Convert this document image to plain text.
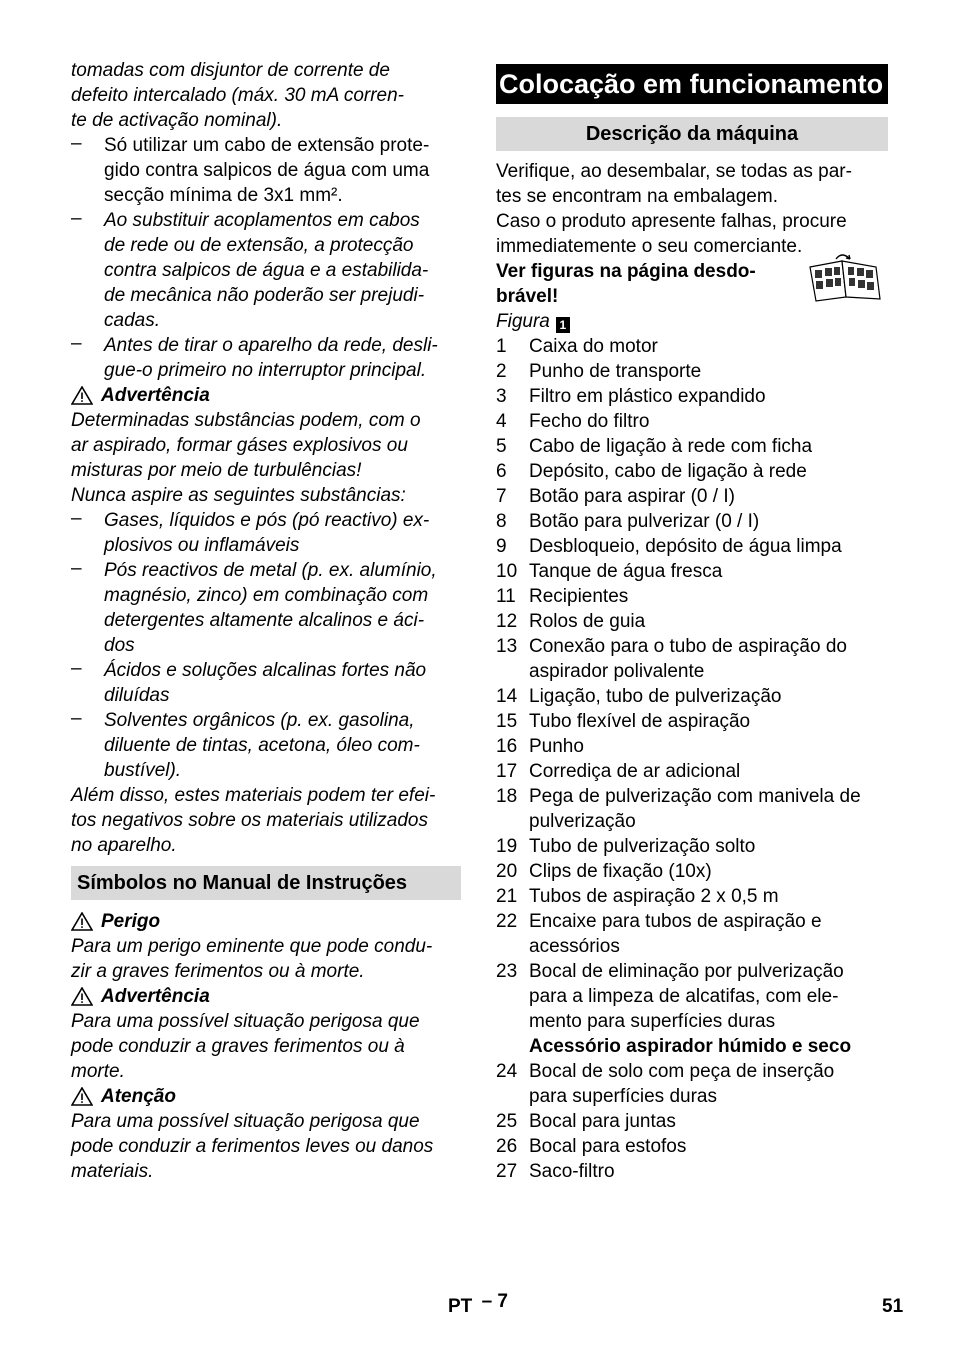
tomadas com disjuntor de corrente de
defeito intercalado (máx. 30 mA corren-
te de activação nominal).
– Só utilizar um cabo de extensão prote-
gido contra salpicos de água com uma
secção mínima de 3x1 mm².
– Ao substituir acoplamentos em cabos
de rede ou de extensão, a protecção
contra salpicos de água e a estabilida-
de mecânica não poderão ser prejudi-
cadas.
– Antes de tirar o aparelho da rede, desli-
gue-o primeiro no interruptor principal.
Advertência
Determinadas substâncias podem, com o
ar aspirado, formar gáses explosivos ou
misturas por meio de turbulências!
Nunca aspire as seguintes substâncias:
– Gases, líquidos e pós (pó reactivo) ex-
plosivos ou inflamáveis
– Pós reactivos de metal (p. ex. alumínio,
magnésio, zinco) em combinação com
detergentes altamente alcalinos e áci-
dos
– Ácidos e soluções alcalinas fortes não
diluídas
– Solventes orgânicos (p. ex. gasolina,
diluente de tintas, acetona, óleo com-
bustível).
Além disso, estes materiais podem ter efei-
tos negativos sobre os materiais utilizados
no aparelho.
Símbolos no Manual de Instruções
Perigo
Para um perigo eminente que pode condu-
zir a graves ferimentos ou à morte.
Advertência
Para uma possível situação perigosa que
pode conduzir a graves ferimentos ou à
morte.
Atenção
Para uma possível situação perigosa que
pode conduzir a ferimentos leves ou danos
materiais.
Colocação em funcionamento
Descrição da máquina
Verifique, ao desembalar, se todas as par-
tes se encontram na embalagem.
Caso o produto apresente falhas, procure
immediatemente o seu comerciante.
Ver figuras na página desdo-
brável!
Figura 1
1 Caixa do motor
2 Punho de transporte
3 Filtro em plástico expandido
4 Fecho do filtro
5 Cabo de ligação à rede com ficha
6 Depósito, cabo de ligação à rede
7 Botão para aspirar (0 / I)
8 Botão para pulverizar (0 / I)
9 Desbloqueio, depósito de água limpa
10 Tanque de água fresca
11 Recipientes
12 Rolos de guia
13 Conexão para o tubo de aspiração do
aspirador polivalente
14 Ligação, tubo de pulverização
15 Tubo flexível de aspiração
16 Punho
17 Corrediça de ar adicional
18 Pega de pulverização com manivela de
pulverização
19 Tubo de pulverização solto
20 Clips de fixação (10x)
21 Tubos de aspiração 2 x 0,5 m
22 Encaixe para tubos de aspiração e
acessórios
23 Bocal de eliminação por pulverização
para a limpeza de alcatifas, com ele-
mento para superfícies duras
Acessório aspirador húmido e seco
24 Bocal de solo com peça de inserção
para superfícies duras
25 Bocal para juntas
26 Bocal para estofos
27 Saco-filtro
PT – 7	51
